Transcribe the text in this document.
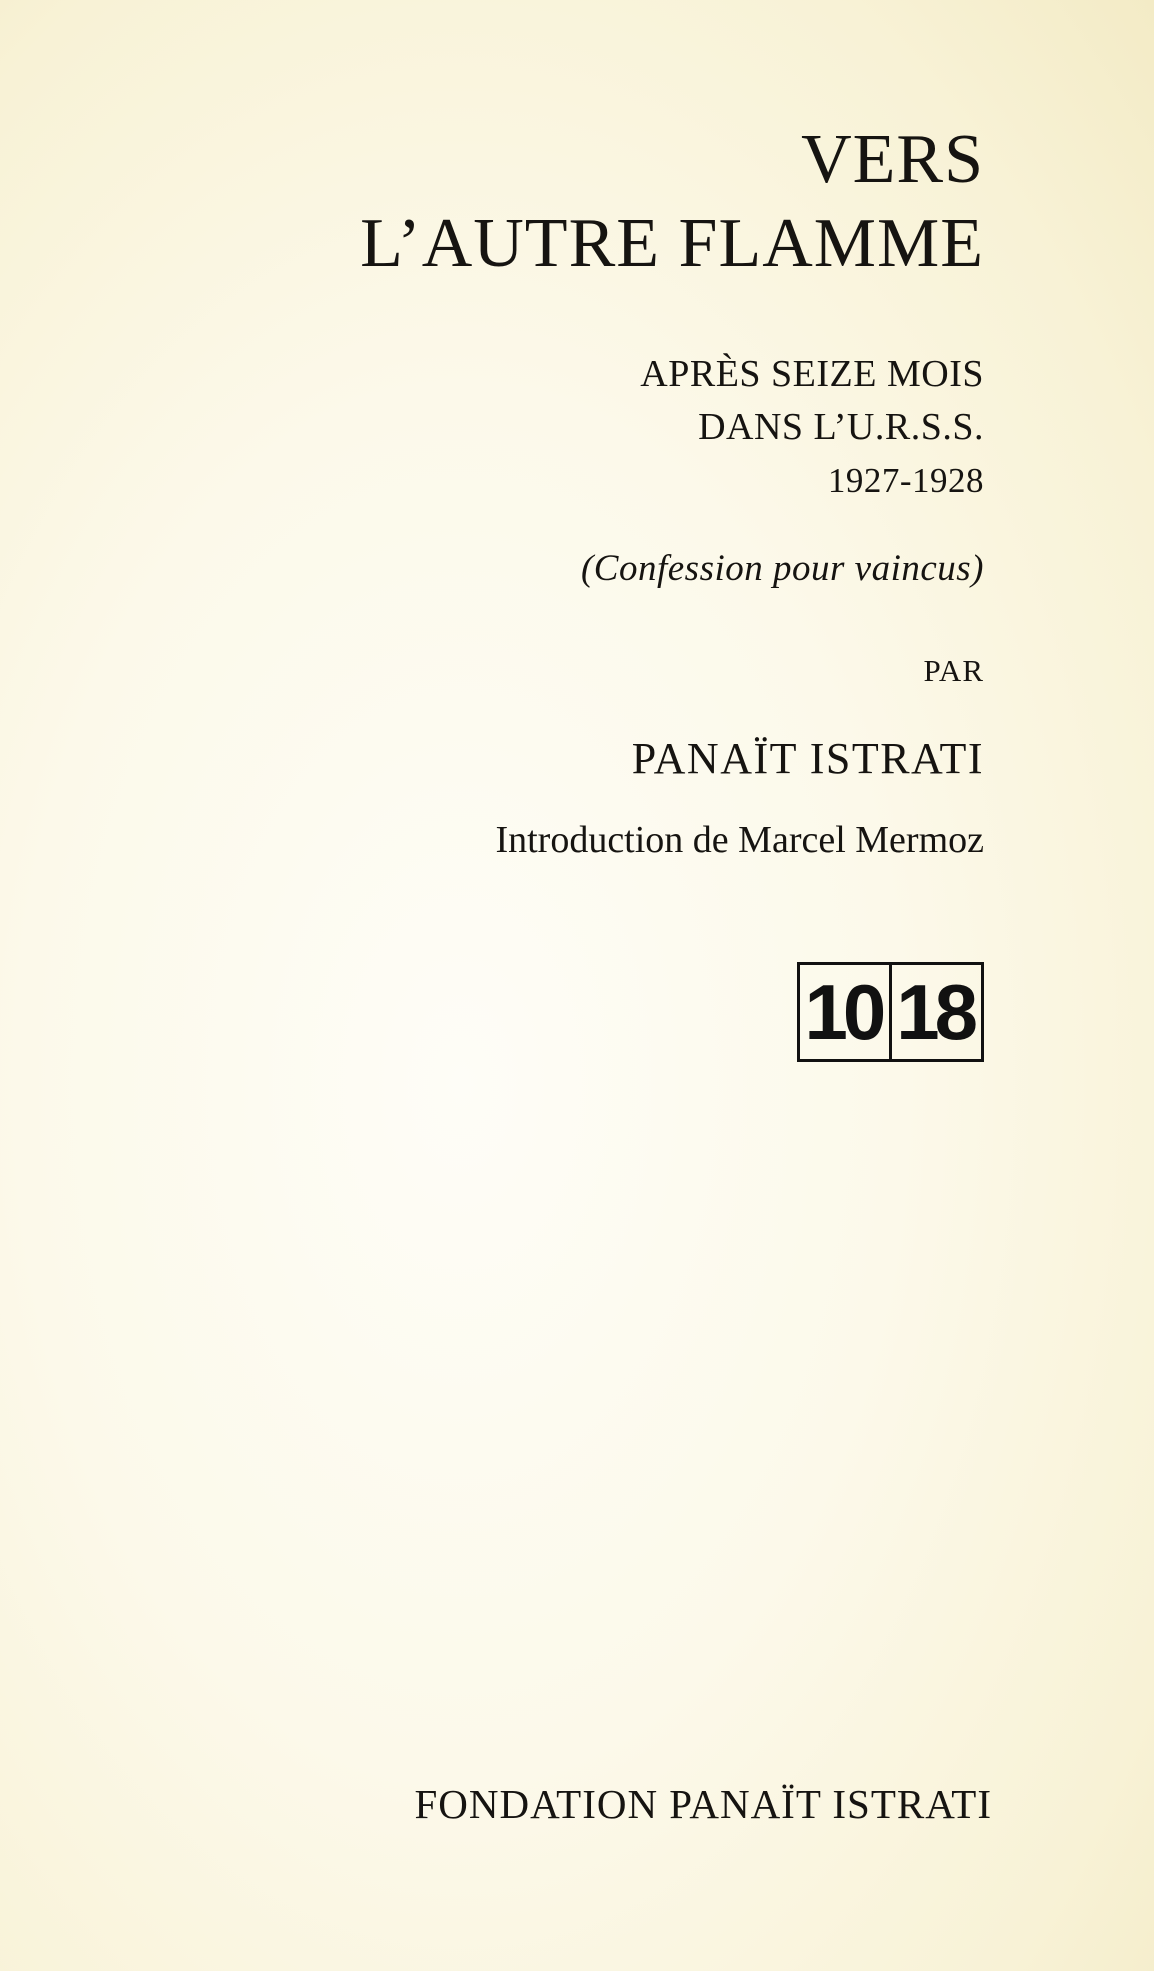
VERS
L’AUTRE FLAMME
APRÈS SEIZE MOIS
DANS L’U.R.S.S.
1927-1928
(Confession pour vaincus)
PAR
PANAÏT ISTRATI
Introduction de Marcel Mermoz
10 18
FONDATION PANAÏT ISTRATI
